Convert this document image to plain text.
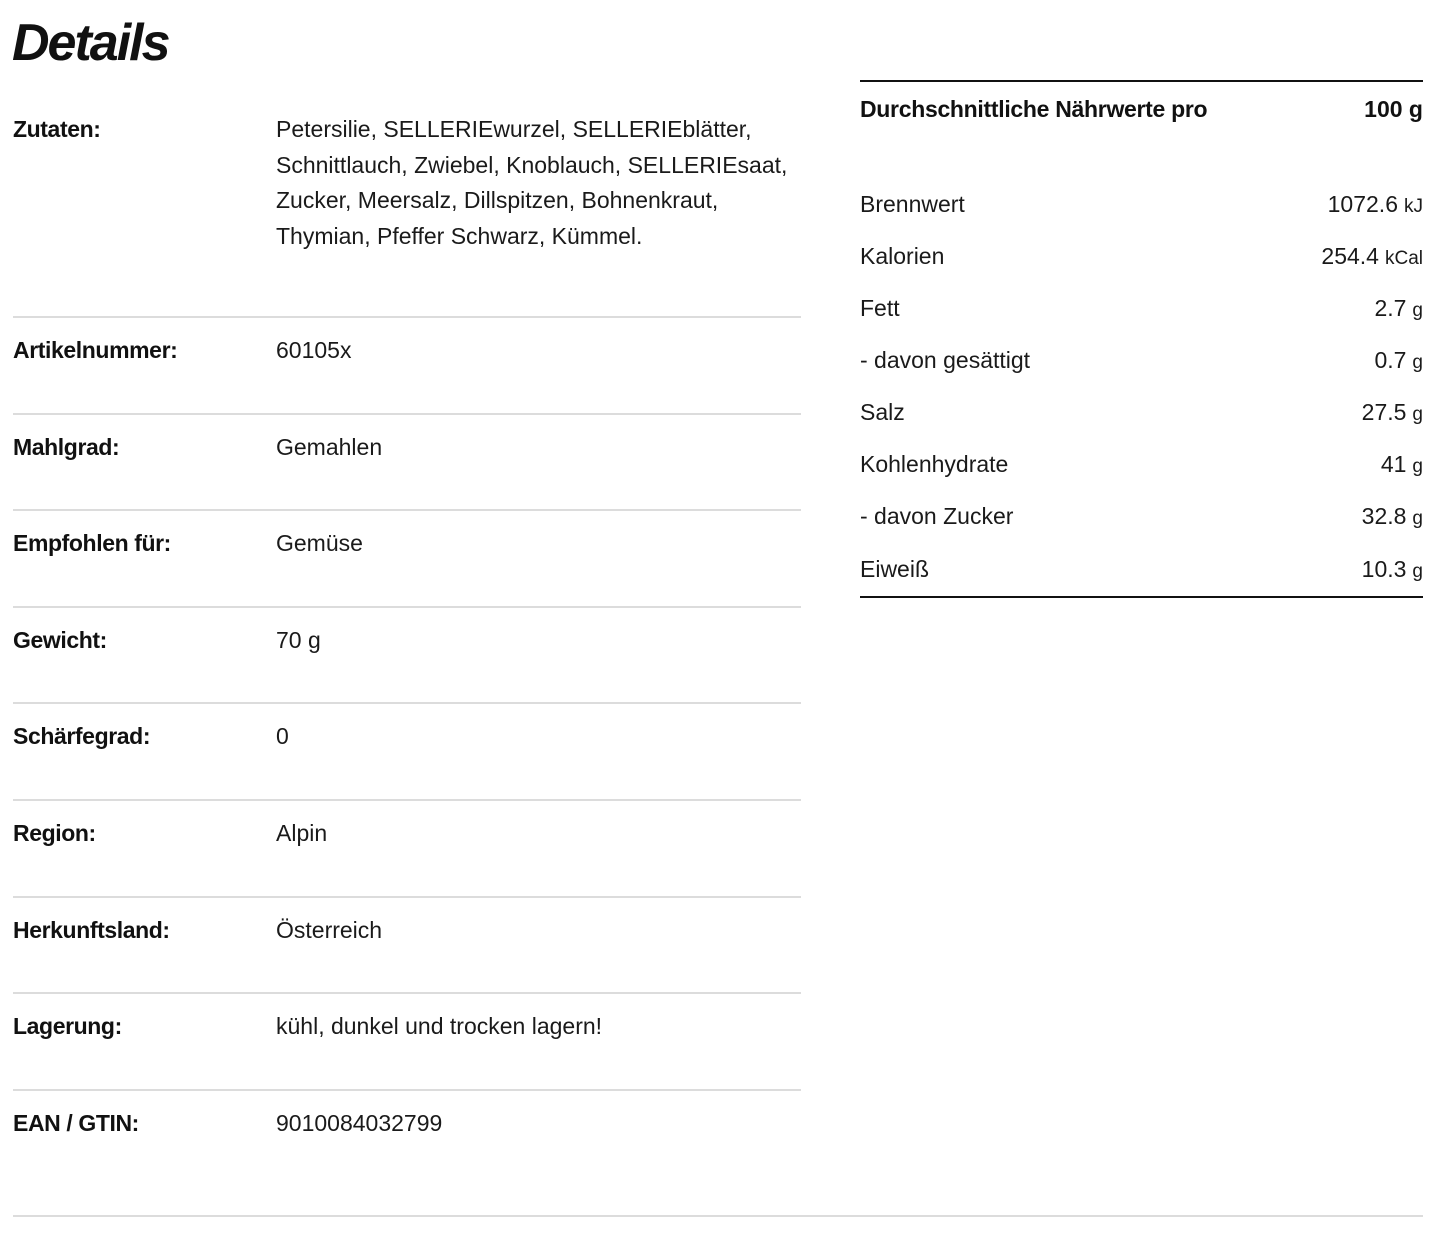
Details
Zutaten:	Petersilie, SELLERIEwurzel, SELLERIEblätter, Schnittlauch, Zwiebel, Knoblauch, SELLERIEsaat, Zucker, Meersalz, Dillspitzen, Bohnenkraut, Thymian, Pfeffer Schwarz, Kümmel.
Artikelnummer:	60105x
Mahlgrad:	Gemahlen
Empfohlen für:	Gemüse
Gewicht:	70 g
Schärfegrad:	0
Region:	Alpin
Herkunftsland:	Österreich
Lagerung:	kühl, dunkel und trocken lagern!
EAN / GTIN:	9010084032799
Durchschnittliche Nährwerte pro	100 g
Brennwert	1072.6 kJ
Kalorien	254.4 kCal
Fett	2.7 g
- davon gesättigt	0.7 g
Salz	27.5 g
Kohlenhydrate	41 g
- davon Zucker	32.8 g
Eiweiß	10.3 g
